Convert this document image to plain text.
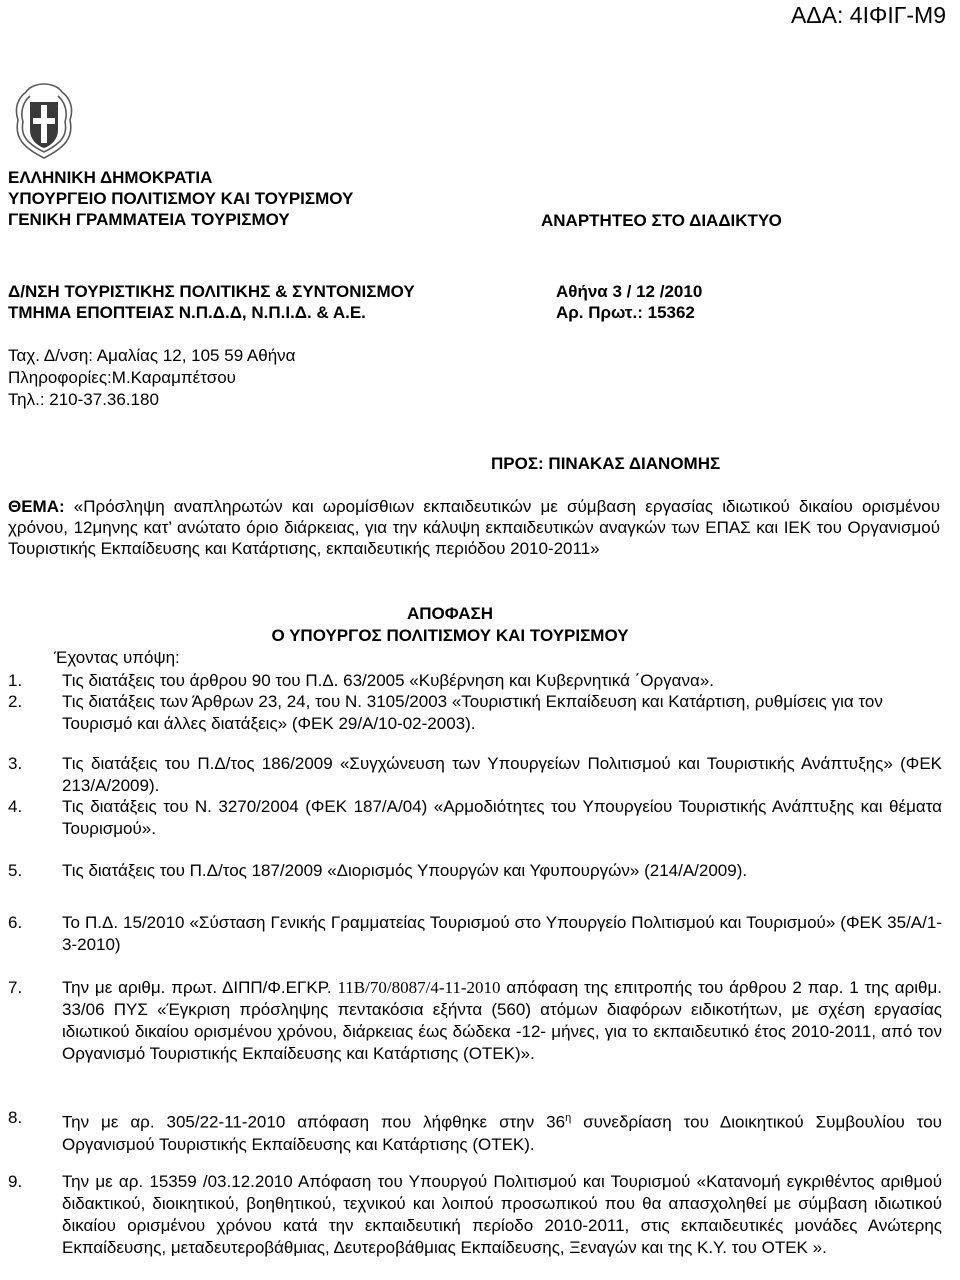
ΑΔΑ: 4ΙΦΙΓ-Μ9
ΕΛΛΗΝΙΚΗ ΔΗΜΟΚΡΑΤΙΑ
ΥΠΟΥΡΓΕΙΟ ΠΟΛΙΤΙΣΜΟΥ ΚΑΙ ΤΟΥΡΙΣΜΟΥ
ΓΕΝΙΚΗ ΓΡΑΜΜΑΤΕΙΑ ΤΟΥΡΙΣΜΟΥ	ΑΝΑΡΤΗΤΕΟ ΣΤΟ ΔΙΑΔΙΚΤΥΟ
Δ/ΝΣΗ ΤΟΥΡΙΣΤΙΚΗΣ ΠΟΛΙΤΙΚΗΣ & ΣΥΝΤΟΝΙΣΜΟΥ
ΤΜΗΜΑ ΕΠΟΠΤΕΙΑΣ Ν.Π.Δ.Δ, Ν.Π.Ι.Δ. & Α.Ε.
Αθήνα 3 / 12 /2010
Αρ. Πρωτ.: 15362
Ταχ. Δ/νση: Αμαλίας 12, 105 59 Αθήνα
Πληροφορίες:Μ.Καραμπέτσου
Τηλ.: 210-37.36.180
ΠΡΟΣ: ΠΙΝΑΚΑΣ ΔΙΑΝΟΜΗΣ
ΘΕΜΑ: «Πρόσληψη αναπληρωτών και ωρομίσθιων εκπαιδευτικών με σύμβαση εργασίας ιδιωτικού δικαίου ορισμένου χρόνου, 12μηνης κατ’ ανώτατο όριο διάρκειας, για την κάλυψη εκπαιδευτικών αναγκών των ΕΠΑΣ και ΙΕΚ του Οργανισμού Τουριστικής Εκπαίδευσης και Κατάρτισης, εκπαιδευτικής περιόδου 2010-2011»
ΑΠΟΦΑΣΗ
Ο ΥΠΟΥΡΓΟΣ ΠΟΛΙΤΙΣΜΟΥ ΚΑΙ ΤΟΥΡΙΣΜΟΥ
Έχοντας υπόψη:
1. Τις διατάξεις του άρθρου 90 του Π.Δ. 63/2005 «Κυβέρνηση και Κυβερνητικά ΄Οργανα».
2. Τις διατάξεις των Άρθρων 23, 24, του Ν. 3105/2003 «Τουριστική Εκπαίδευση και Κατάρτιση, ρυθμίσεις για τον Τουρισμό και άλλες διατάξεις» (ΦΕΚ 29/Α/10-02-2003).
3. Τις διατάξεις του Π.Δ/τος 186/2009 «Συγχώνευση των Υπουργείων Πολιτισμού και Τουριστικής Ανάπτυξης» (ΦΕΚ 213/Α/2009).
4. Τις διατάξεις του Ν. 3270/2004 (ΦΕΚ 187/Α/04) «Αρμοδιότητες του Υπουργείου Τουριστικής Ανάπτυξης και θέματα Τουρισμού».
5. Τις διατάξεις του Π.Δ/τος 187/2009 «Διορισμός Υπουργών και Υφυπουργών» (214/Α/2009).
6. Το Π.Δ. 15/2010 «Σύσταση Γενικής Γραμματείας Τουρισμού στο Υπουργείο Πολιτισμού και Τουρισμού» (ΦΕΚ 35/Α/1-3-2010)
7. Την με αριθμ. πρωτ. ΔΙΠΠ/Φ.ΕΓΚΡ. 11Β/70/8087/4-11-2010 απόφαση της επιτροπής του άρθρου 2 παρ. 1 της αριθμ. 33/06 ΠΥΣ «Έγκριση πρόσληψης πεντακόσια εξήντα (560) ατόμων διαφόρων ειδικοτήτων, με σχέση εργασίας ιδιωτικού δικαίου ορισμένου χρόνου, διάρκειας έως δώδεκα -12- μήνες, για το εκπαιδευτικό έτος 2010-2011, από τον Οργανισμό Τουριστικής Εκπαίδευσης και Κατάρτισης (ΟΤΕΚ)».
8. Την με αρ. 305/22-11-2010 απόφαση που λήφθηκε στην $36^\eta$ συνεδρίαση του Διοικητικού Συμβουλίου του Οργανισμού Τουριστικής Εκπαίδευσης και Κατάρτισης (ΟΤΕΚ).
9. Την με αρ. 15359 /03.12.2010 Απόφαση του Υπουργού Πολιτισμού και Τουρισμού «Κατανομή εγκριθέντος αριθμού διδακτικού, διοικητικού, βοηθητικού, τεχνικού και λοιπού προσωπικού που θα απασχοληθεί με σύμβαση ιδιωτικού δικαίου ορισμένου χρόνου κατά την εκπαιδευτική περίοδο 2010-2011, στις εκπαιδευτικές μονάδες Ανώτερης Εκπαίδευσης, μεταδευτεροβάθμιας, Δευτεροβάθμιας Εκπαίδευσης, Ξεναγών και της Κ.Υ. του ΟΤΕΚ ».
